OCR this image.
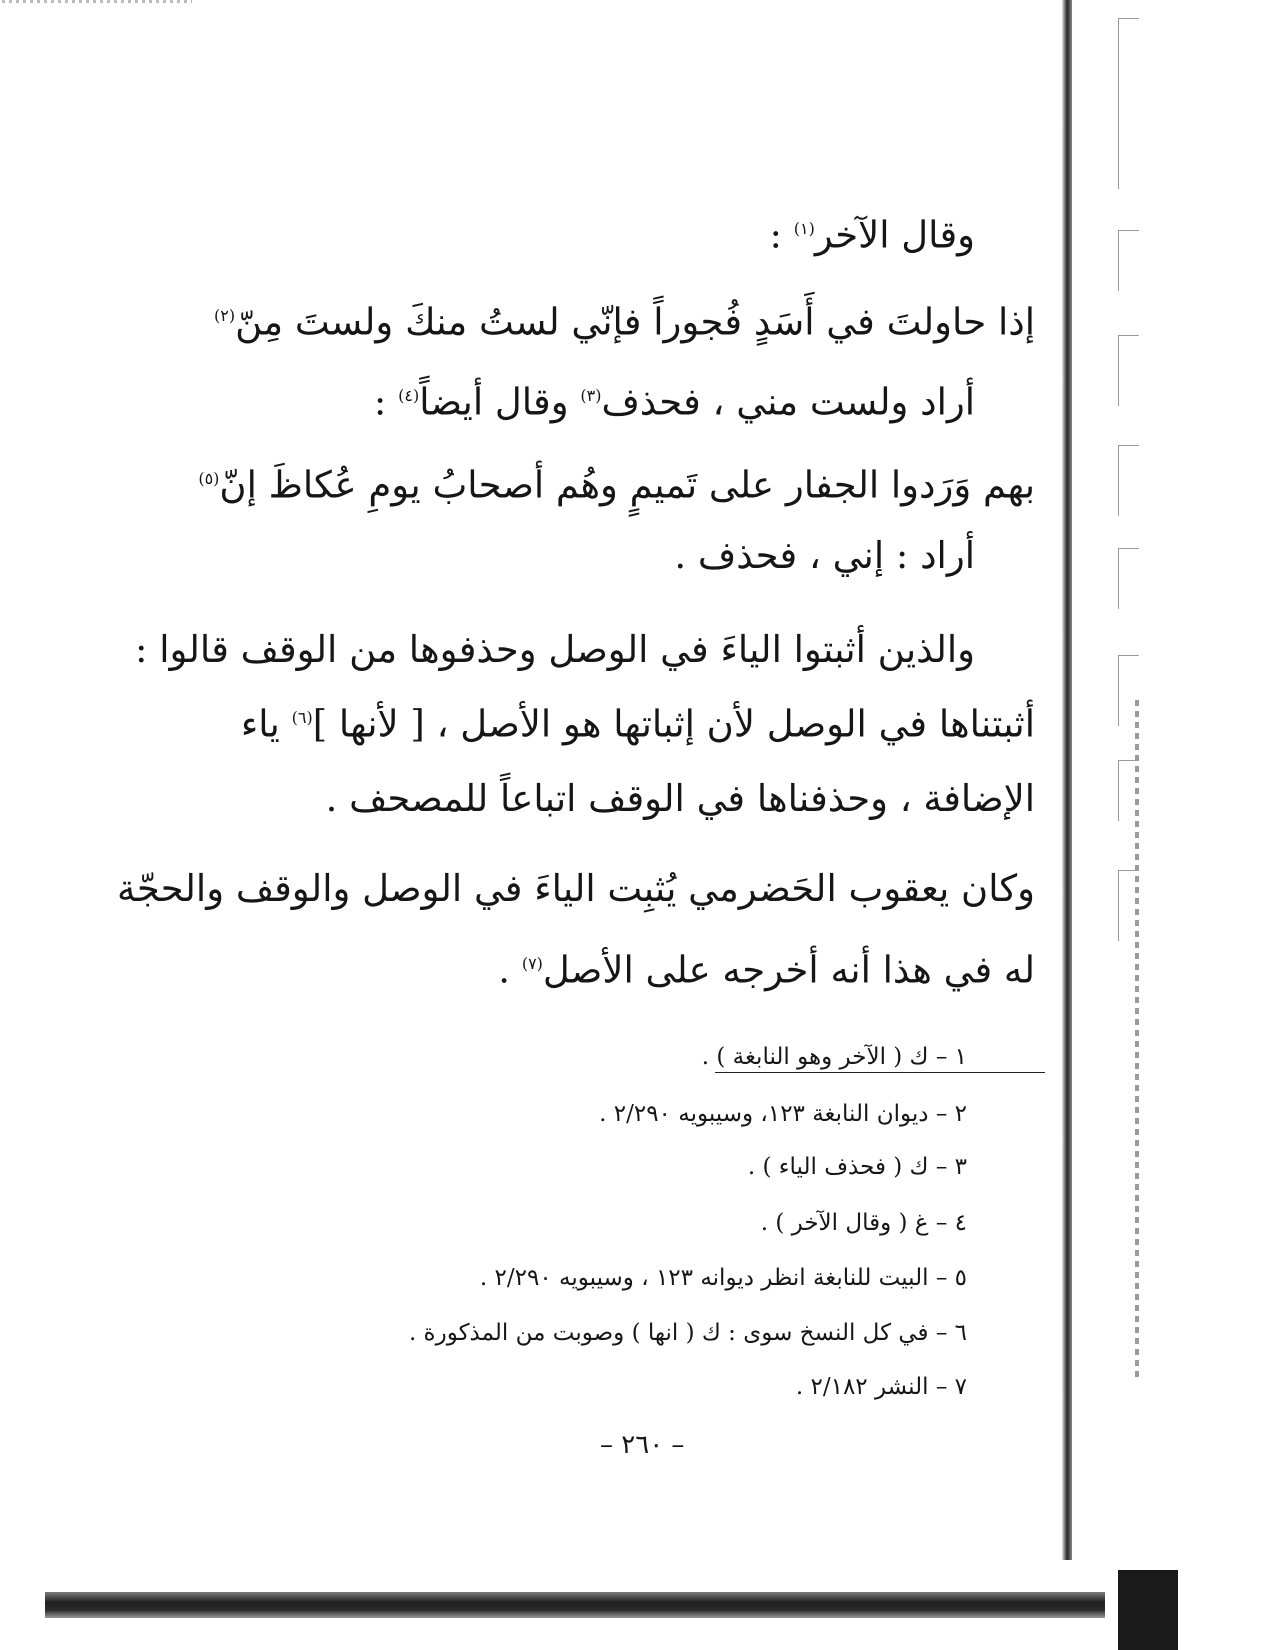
وقال الآخر$^{(١)}$ :
إذا حاولتَ في أَسَدٍ فُجوراً فإنّي لستُ منكَ ولستَ مِنّ$^{(٢)}$
أراد ولست مني ، فحذف$^{(٣)}$ وقال أيضاً$^{(٤)}$ :
بهم وَرَدوا الجفار على تَميمٍ وهُم أصحابُ يومِ عُكاظَ إنّ$^{(٥)}$
أراد : إني ، فحذف .
والذين أثبتوا الياءَ في الوصل وحذفوها من الوقف قالوا :
أثبتناها في الوصل لأن إثباتها هو الأصل ، [ لأنها ]$^{(٦)}$ ياء
الإضافة ، وحذفناها في الوقف اتباعاً للمصحف .
وكان يعقوب الحَضرمي يُثبِت الياءَ في الوصل والوقف والحجّة
له في هذا أنه أخرجه على الأصل$^{(٧)}$ .
١ – ك ( الآخر وهو النابغة ) .
٢ – ديوان النابغة ١٢٣، وسيبويه ٢/٢٩٠ .
٣ – ك ( فحذف الياء ) .
٤ – غ ( وقال الآخر ) .
٥ – البيت للنابغة انظر ديوانه ١٢٣ ، وسيبويه ٢/٢٩٠ .
٦ – في كل النسخ سوى : ك ( انها ) وصوبت من المذكورة .
٧ – النشر ٢/١٨٢ .
– ٢٦٠ –
